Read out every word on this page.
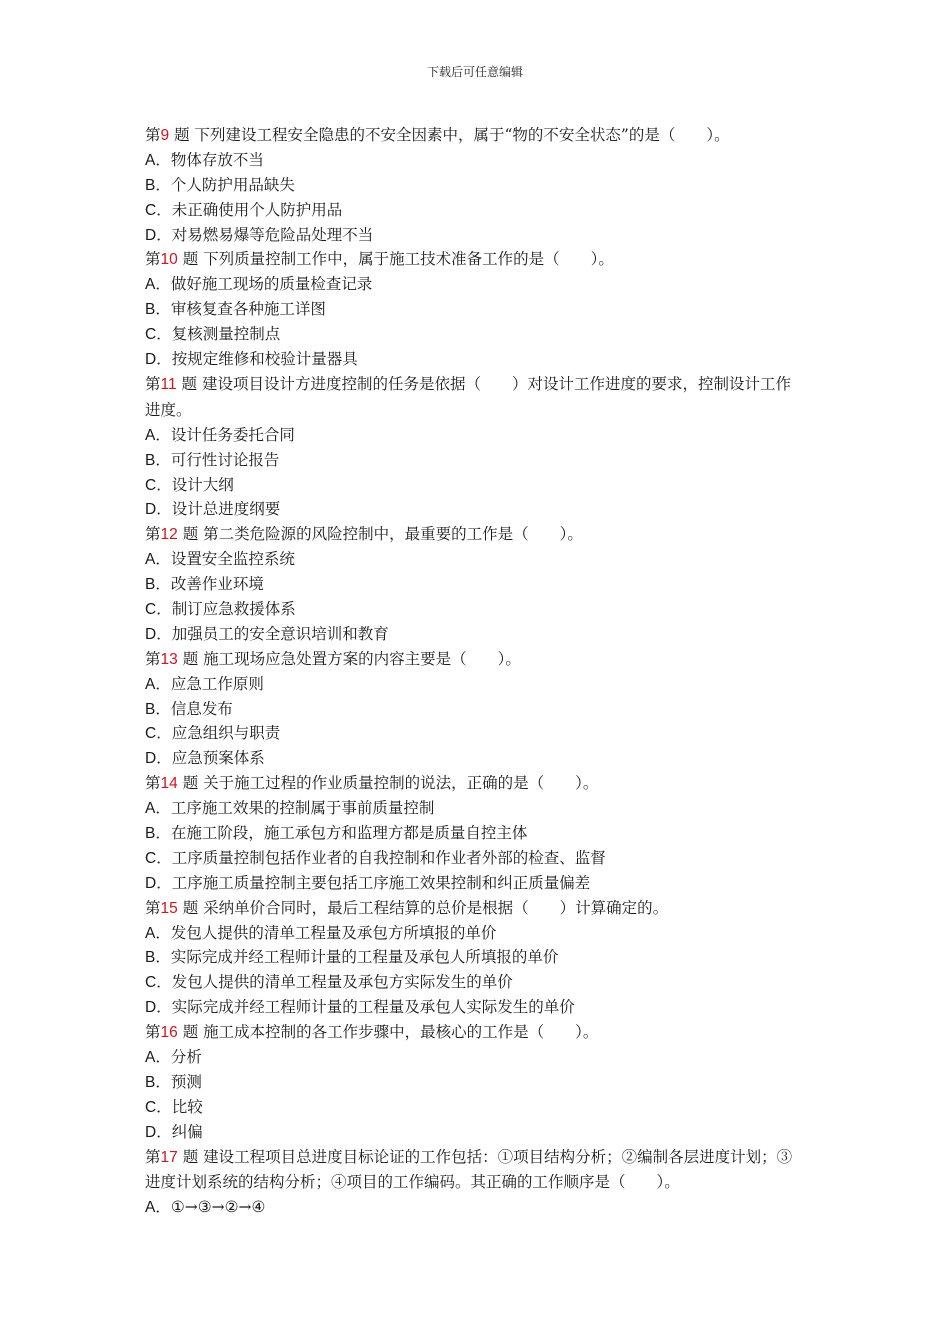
下载后可任意编辑
第9 题 下列建设工程安全隐患的不安全因素中，属于“物的不安全状态”的是（　　）。
A．物体存放不当
B．个人防护用品缺失
C．未正确使用个人防护用品
D．对易燃易爆等危险品处理不当
第10 题 下列质量控制工作中，属于施工技术准备工作的是（　　）。
A．做好施工现场的质量检查记录
B．审核复查各种施工详图
C．复核测量控制点
D．按规定维修和校验计量器具
第11 题 建设项目设计方进度控制的任务是依据（　　）对设计工作进度的要求，控制设计工作进度。
A．设计任务委托合同
B．可行性讨论报告
C．设计大纲
D．设计总进度纲要
第12 题 第二类危险源的风险控制中，最重要的工作是（　　）。
A．设置安全监控系统
B．改善作业环境
C．制订应急救援体系
D．加强员工的安全意识培训和教育
第13 题 施工现场应急处置方案的内容主要是（　　）。
A．应急工作原则
B．信息发布
C．应急组织与职责
D．应急预案体系
第14 题 关于施工过程的作业质量控制的说法，正确的是（　　）。
A．工序施工效果的控制属于事前质量控制
B．在施工阶段，施工承包方和监理方都是质量自控主体
C．工序质量控制包括作业者的自我控制和作业者外部的检查、监督
D．工序施工质量控制主要包括工序施工效果控制和纠正质量偏差
第15 题 采纳单价合同时，最后工程结算的总价是根据（　　）计算确定的。
A．发包人提供的清单工程量及承包方所填报的单价
B．实际完成并经工程师计量的工程量及承包人所填报的单价
C．发包人提供的清单工程量及承包方实际发生的单价
D．实际完成并经工程师计量的工程量及承包人实际发生的单价
第16 题 施工成本控制的各工作步骤中，最核心的工作是（　　）。
A．分析
B．预测
C．比较
D．纠偏
第17 题 建设工程项目总进度目标论证的工作包括：①项目结构分析；②编制各层进度计划；③进度计划系统的结构分析；④项目的工作编码。其正确的工作顺序是（　　）。
A．①→③→②→④
